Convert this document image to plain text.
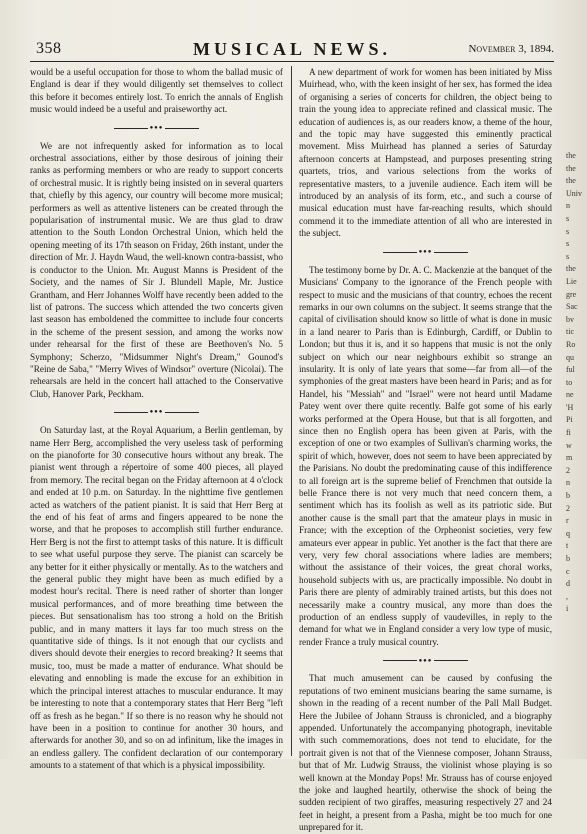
358	MUSICAL NEWS.	November 3, 1894.

would be a useful occupation for those to whom the ballad music of England is dear if they would diligently set themselves to collect this before it becomes entirely lost. To enrich the annals of English music would indeed be a useful and praiseworthy act.

●●●

We are not infrequently asked for information as to local orchestral associations, either by those desirous of joining their ranks as performing members or who are ready to support concerts of orchestral music. It is rightly being insisted on in several quarters that, chiefly by this agency, our country will become more musical; performers as well as attentive listeners can be created through the popularisation of instrumental music. We are thus glad to draw attention to the South London Orchestral Union, which held the opening meeting of its 17th season on Friday, 26th instant, under the direction of Mr. J. Haydn Waud, the well-known contra-bassist, who is conductor to the Union. Mr. August Manns is President of the Society, and the names of Sir J. Blundell Maple, Mr. Justice Grantham, and Herr Johannes Wolff have recently been added to the list of patrons. The success which attended the two concerts given last season has emboldened the committee to include four concerts in the scheme of the present session, and among the works now under rehearsal for the first of these are Beethoven's No. 5 Symphony; Scherzo, "Midsummer Night's Dream," Gounod's "Reine de Saba," "Merry Wives of Windsor" overture (Nicolai). The rehearsals are held in the concert hall attached to the Conservative Club, Hanover Park, Peckham.

●●●

On Saturday last, at the Royal Aquarium, a Berlin gentleman, by name Herr Berg, accomplished the very useless task of performing on the pianoforte for 30 consecutive hours without any break. The pianist went through a répertoire of some 400 pieces, all played from memory. The recital began on the Friday afternoon at 4 o'clock and ended at 10 p.m. on Saturday. In the nighttime five gentlemen acted as watchers of the patient pianist. It is said that Herr Berg at the end of his feat of arms and fingers appeared to be none the worse, and that he proposes to accomplish still further endurance. Herr Berg is not the first to attempt tasks of this nature. It is difficult to see what useful purpose they serve. The pianist can scarcely be any better for it either physically or mentally. As to the watchers and the general public they might have been as much edified by a modest hour's recital. There is need rather of shorter than longer musical performances, and of more breathing time between the pieces. But sensationalism has too strong a hold on the British public, and in many matters it lays far too much stress on the quantitative side of things. Is it not enough that our cyclists and divers should devote their energies to record breaking? It seems that music, too, must be made a matter of endurance. What should be elevating and ennobling is made the excuse for an exhibition in which the principal interest attaches to muscular endurance. It may be interesting to note that a contemporary states that Herr Berg "left off as fresh as he began." If so there is no reason why he should not have been in a position to continue for another 30 hours, and afterwards for another 30, and so on ad infinitum, like the images in an endless gallery. The confident declaration of our contemporary amounts to a statement of that which is a physical impossibility.

A new department of work for women has been initiated by Miss Muirhead, who, with the keen insight of her sex, has formed the idea of organising a series of concerts for children, the object being to train the young idea to appreciate refined and classical music. The education of audiences is, as our readers know, a theme of the hour, and the topic may have suggested this eminently practical movement. Miss Muirhead has planned a series of Saturday afternoon concerts at Hampstead, and purposes presenting string quartets, trios, and various selections from the works of representative masters, to a juvenile audience. Each item will be introduced by an analysis of its form, etc., and such a course of musical education must have far-reaching results, which should commend it to the immediate attention of all who are interested in the subject.

●●●

The testimony borne by Dr. A. C. Mackenzie at the banquet of the Musicians' Company to the ignorance of the French people with respect to music and the musicians of that country, echoes the recent remarks in our own columns on the subject. It seems strange that the capital of civilisation should know so little of what is done in music in a land nearer to Paris than is Edinburgh, Cardiff, or Dublin to London; but thus it is, and it so happens that music is not the only subject on which our near neighbours exhibit so strange an insularity. It is only of late years that some—far from all—of the symphonies of the great masters have been heard in Paris; and as for Handel, his "Messiah" and "Israel" were not heard until Madame Patey went over there quite recently. Balfe got some of his early works performed at the Opera House, but that is all forgotten, and since then no English opera has been given at Paris, with the exception of one or two examples of Sullivan's charming works, the spirit of which, however, does not seem to have been appreciated by the Parisians. No doubt the predominating cause of this indifference to all foreign art is the supreme belief of Frenchmen that outside la belle France there is not very much that need concern them, a sentiment which has its foolish as well as its patriotic side. But another cause is the small part that the amateur plays in music in France; with the exception of the Orpheonist societies, very few amateurs ever appear in public. Yet another is the fact that there are very, very few choral associations where ladies are members; without the assistance of their voices, the great choral works, household subjects with us, are practically impossible. No doubt in Paris there are plenty of admirably trained artists, but this does not necessarily make a country musical, any more than does the production of an endless supply of vaudevilles, in reply to the demand for what we in England consider a very low type of music, render France a truly musical country.

●●●

That much amusement can be caused by confusing the reputations of two eminent musicians bearing the same surname, is shown in the reading of a recent number of the Pall Mall Budget. Here the Jubilee of Johann Strauss is chronicled, and a biography appended. Unfortunately the accompanying photograph, inevitable with such commemorations, does not tend to elucidate, for the portrait given is not that of the Viennese composer, Johann Strauss, but that of Mr. Ludwig Strauss, the violinist whose playing is so well known at the Monday Pops! Mr. Strauss has of course enjoyed the joke and laughed heartily, otherwise the shock of being the sudden recipient of two giraffes, measuring respectively 27 and 24 feet in height, a present from a Pasha, might be too much for one unprepared for it.

the
the
the
Univ
n
s
s
s
s
the
Lie
gre
Sac
bv
tic
Ro
qu
ful
to
ne
'H
Pi
fi
w
m
2
n
b
2
r
q
t
b
c
d
,
i
